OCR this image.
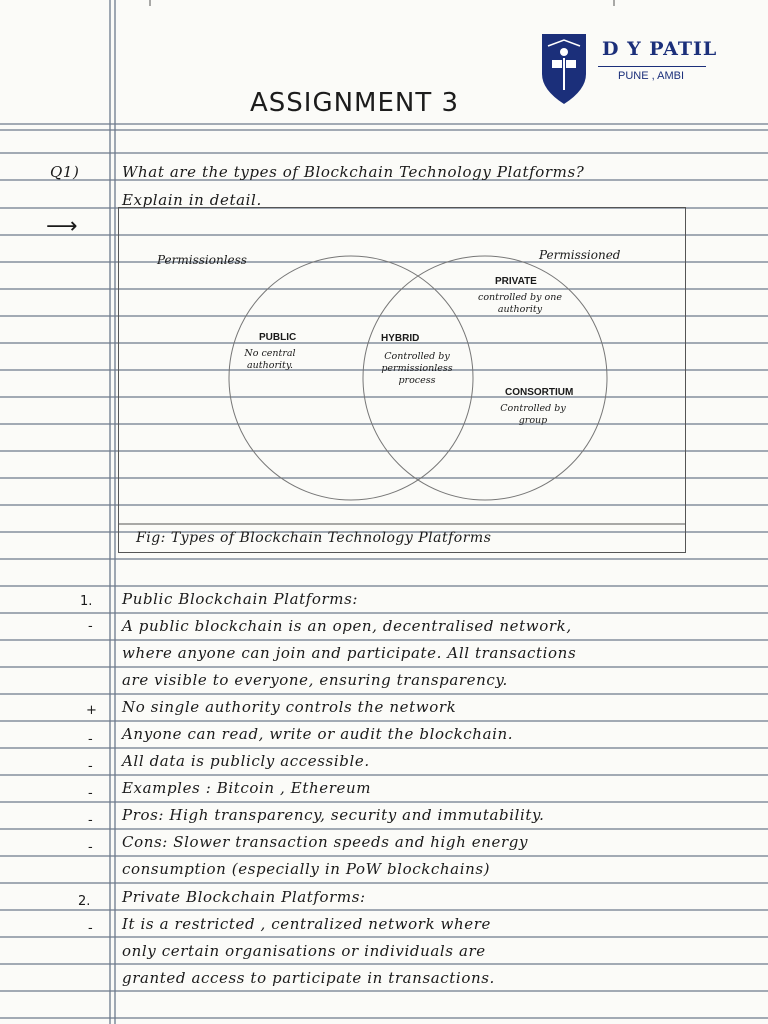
D Y PATIL
PUNE , AMBI
ASSIGNMENT 3
Q1)	What are the types of Blockchain Technology Platforms?
Explain in detail.
⟶
Permissionless	Permissioned
PUBLIC
No central
authority.
HYBRID
Controlled by
permissionless
process
PRIVATE
controlled by one
authority
CONSORTIUM
Controlled by
group
Fig: Types of Blockchain Technology Platforms
1. Public Blockchain Platforms:
- A public blockchain is an open, decentralised network,
where anyone can join and participate. All transactions
are visible to everyone, ensuring transparency.
+ No single authority controls the network
- Anyone can read, write or audit the blockchain.
- All data is publicly accessible.
- Examples : Bitcoin , Ethereum
- Pros: High transparency, security and immutability.
- Cons: Slower transaction speeds and high energy
consumption (especially in PoW blockchains)
2. Private Blockchain Platforms:
- It is a restricted , centralized network where
only certain organisations or individuals are
granted access to participate in transactions.
